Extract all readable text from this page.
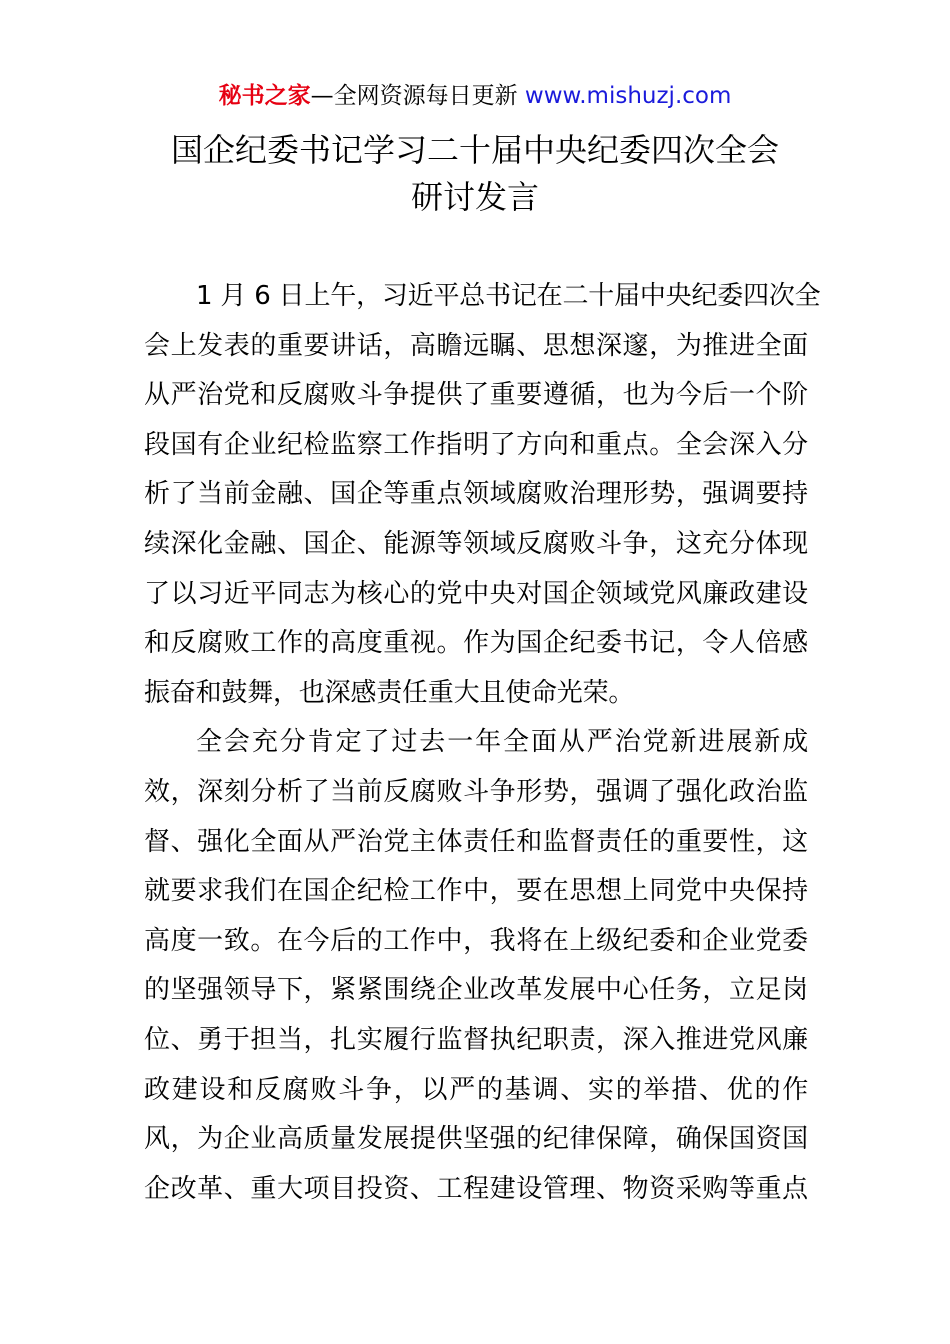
秘书之家—全网资源每日更新 www.mishuzj.com
国企纪委书记学习二十届中央纪委四次全会
研讨发言
1 月 6 日上午，习近平总书记在二十届中央纪委四次全
会上发表的重要讲话，高瞻远瞩、思想深邃，为推进全面
从严治党和反腐败斗争提供了重要遵循，也为今后一个阶
段国有企业纪检监察工作指明了方向和重点。全会深入分
析了当前金融、国企等重点领域腐败治理形势，强调要持
续深化金融、国企、能源等领域反腐败斗争，这充分体现
了以习近平同志为核心的党中央对国企领域党风廉政建设
和反腐败工作的高度重视。作为国企纪委书记，令人倍感
振奋和鼓舞，也深感责任重大且使命光荣。
全会充分肯定了过去一年全面从严治党新进展新成
效，深刻分析了当前反腐败斗争形势，强调了强化政治监
督、强化全面从严治党主体责任和监督责任的重要性，这
就要求我们在国企纪检工作中，要在思想上同党中央保持
高度一致。在今后的工作中，我将在上级纪委和企业党委
的坚强领导下，紧紧围绕企业改革发展中心任务，立足岗
位、勇于担当，扎实履行监督执纪职责，深入推进党风廉
政建设和反腐败斗争，以严的基调、实的举措、优的作
风，为企业高质量发展提供坚强的纪律保障，确保国资国
企改革、重大项目投资、工程建设管理、物资采购等重点
